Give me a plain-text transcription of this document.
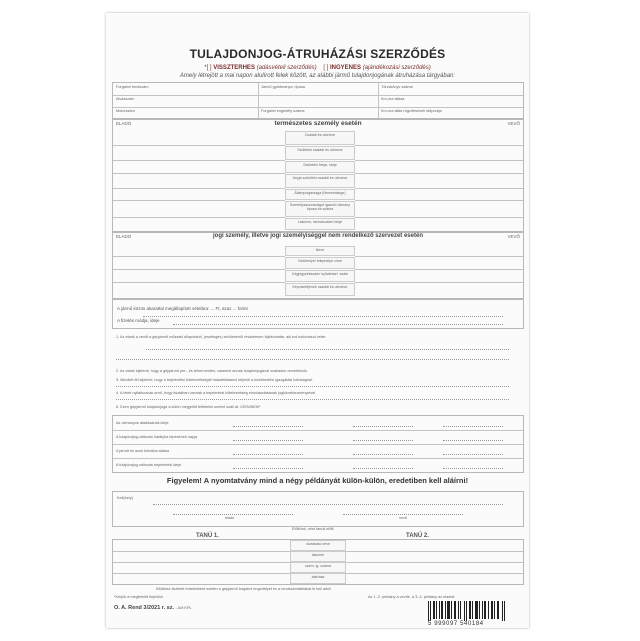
TULAJDONJOG-ÁTRUHÁZÁSI SZERZŐDÉS
*[ ] VISSZTERHES (adásvételi szerződés) [ ] INGYENES (ajándékozási szerződés)
Amely létrejött a mai napon alulírott felek között, az alábbi jármű tulajdonjogának átruházása tárgyában:
Forgalmi rendszám	Jármű gyártmánya, típusa	Törzskönyv száma
Alvázszám	Km-óra állása
Motorszám	Forgalmi engedély száma	Km-óra állás rögzítésének időpontja
ELADÓ	VEVŐ
természetes személy esetén
Családi és utóneve
Születési családi és utóneve
Születési helye, ideje
Anyja születési családi és utóneve
Állampolgársága (Nemzetisége)
Személyazonosságot igazoló okmány típusa és száma
Lakcíme, tartózkodási helye
ELADÓ	VEVŐ
jogi személy, illetve jogi személyiséggel nem rendelkező szervezet esetén
Neve
Székhelye/ telephelye címe
Cégjegyzékszám/ nyilvántart. szám
Képviselőjének családi és utóneve
A jármű közös akarattal megállapított vételára: ... Ft, azaz ... forint
A fizetés módja, ideje
1. Az eladó a vevőt a gépjármű műszaki állapotáról, (esetleges) sérüléseiről részletesen tájékoztatta, aki ezt tudomásul vette:
2. Az eladó kijelenti, hogy a gépjármű per-, és tehermentes, valamint annak tulajdonjogával szabadon rendelkezik.
3. Mindkét fél kijelenti, hogy a bejelentési kötelezettségét haladéktalanul teljesíti a közlekedési igazgatási hatóságnál.
4. A felek nyilatkoznak arról, hogy tisztában vannak a bejelentési kötelezettség elmulasztásának jogkövetkezményeivel.
5. Ezen gépjármű tulajdonjoga a külön megjelölt feltételek szerint száll át. IGEN/NEM*
Az okmányok átadásának ideje
A tulajdonjog-változás hatályba lépésének napja
A jármű és azok birtokba adása
A tulajdonjog-változás bejelentési ideje
Figyelem! A nyomtatvány mind a négy példányát külön-külön, eredetiben kell aláírni!
Kelt(hely)
eladó	vevő
Előttünk, mint tanúk előtt
TANÚ 1.	TANÚ 2.
olvasható neve
lakcíme
szem. ig. száma
aláírása
Kitöltése tisztelet érdekeiként esetén a gépjármű forgalmi engedélyét és a rendszámtáblákat le kell adni!
*Kérjük a megfelelőt bejelölni	Az 1.-2. példány a vevőé, a 3.-4. példány az eladóé
O. A. Rend 3/2021 r. sz. - AM KPL
5 999097 540184
